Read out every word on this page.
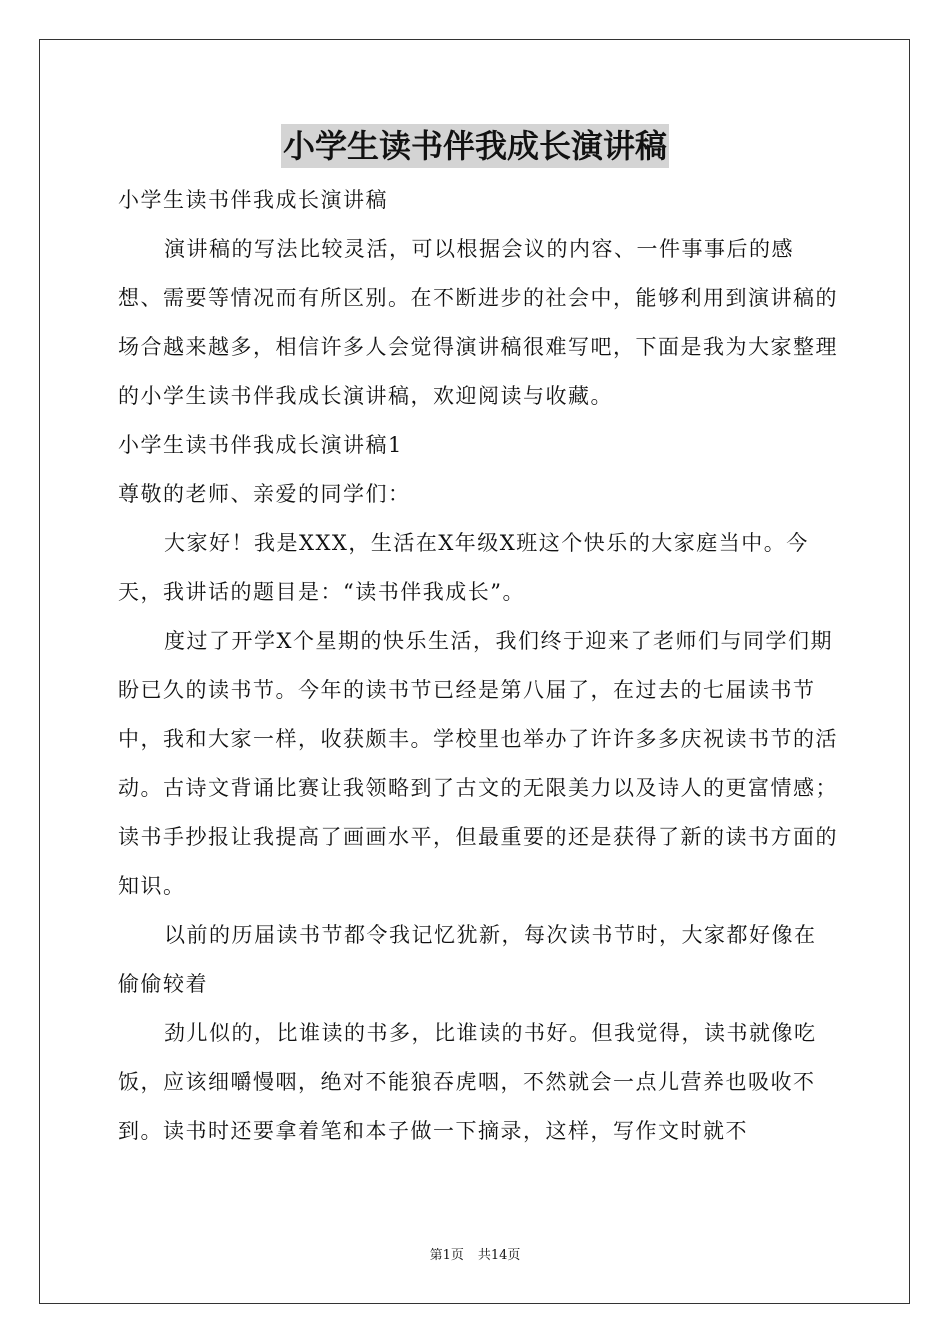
小学生读书伴我成长演讲稿

小学生读书伴我成长演讲稿

演讲稿的写法比较灵活，可以根据会议的内容、一件事事后的感想、需要等情况而有所区别。在不断进步的社会中，能够利用到演讲稿的场合越来越多，相信许多人会觉得演讲稿很难写吧，下面是我为大家整理的小学生读书伴我成长演讲稿，欢迎阅读与收藏。

小学生读书伴我成长演讲稿1

尊敬的老师、亲爱的同学们：

大家好！我是XXX，生活在X年级X班这个快乐的大家庭当中。今天，我讲话的题目是：“读书伴我成长”。

度过了开学X个星期的快乐生活，我们终于迎来了老师们与同学们期盼已久的读书节。今年的读书节已经是第八届了，在过去的七届读书节中，我和大家一样，收获颇丰。学校里也举办了许许多多庆祝读书节的活动。古诗文背诵比赛让我领略到了古文的无限美力以及诗人的更富情感；读书手抄报让我提高了画画水平，但最重要的还是获得了新的读书方面的知识。

以前的历届读书节都令我记忆犹新，每次读书节时，大家都好像在偷偷较着

劲儿似的，比谁读的书多，比谁读的书好。但我觉得，读书就像吃饭，应该细嚼慢咽，绝对不能狼吞虎咽，不然就会一点儿营养也吸收不到。读书时还要拿着笔和本子做一下摘录，这样，写作文时就不

第1页 共14页
